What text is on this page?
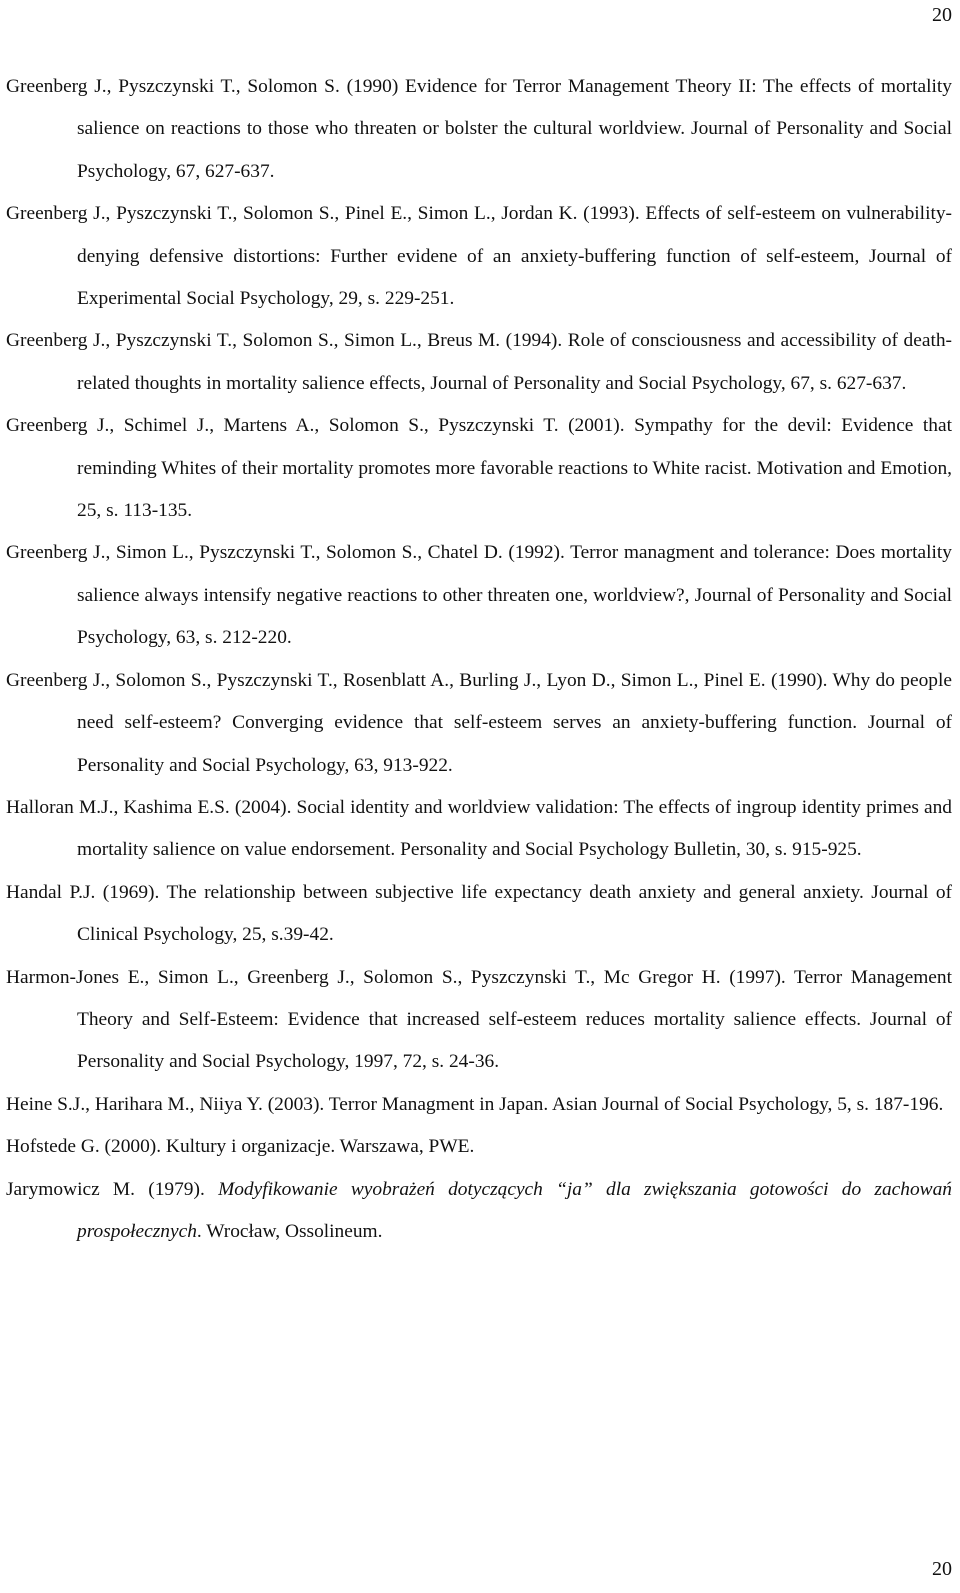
20
Greenberg J., Pyszczynski T., Solomon S. (1990) Evidence for Terror Management Theory II: The effects of mortality salience on reactions to those who threaten or bolster the cultural worldview. Journal of Personality and Social Psychology, 67, 627-637.
Greenberg J., Pyszczynski T., Solomon S., Pinel E., Simon L., Jordan K. (1993). Effects of self-esteem on vulnerability-denying defensive distortions: Further evidene of an anxiety-buffering function of self-esteem, Journal of Experimental Social Psychology, 29, s. 229-251.
Greenberg J., Pyszczynski T., Solomon S., Simon L., Breus M. (1994). Role of consciousness and accessibility of death-related thoughts in mortality salience effects, Journal of Personality and Social Psychology, 67, s. 627-637.
Greenberg J., Schimel J., Martens A., Solomon S., Pyszczynski T. (2001). Sympathy for the devil: Evidence that reminding Whites of their mortality promotes more favorable reactions to White racist. Motivation and Emotion, 25, s. 113-135.
Greenberg J., Simon L., Pyszczynski T., Solomon S., Chatel D. (1992). Terror managment and tolerance: Does mortality salience always intensify negative reactions to other threaten one, worldview?, Journal of Personality and Social Psychology, 63, s. 212-220.
Greenberg J., Solomon S., Pyszczynski T., Rosenblatt A., Burling J., Lyon D., Simon L., Pinel E. (1990). Why do people need self-esteem? Converging evidence that self-esteem serves an anxiety-buffering function. Journal of Personality and Social Psychology, 63, 913-922.
Halloran M.J., Kashima E.S. (2004). Social identity and worldview validation: The effects of ingroup identity primes and mortality salience on value endorsement. Personality and Social Psychology Bulletin, 30, s. 915-925.
Handal P.J. (1969). The relationship between subjective life expectancy death anxiety and general anxiety. Journal of Clinical Psychology, 25, s.39-42.
Harmon-Jones E., Simon L., Greenberg J., Solomon S., Pyszczynski T., Mc Gregor H. (1997). Terror Management Theory and Self-Esteem: Evidence that increased self-esteem reduces mortality salience effects. Journal of Personality and Social Psychology, 1997, 72, s. 24-36.
Heine S.J., Harihara M., Niiya Y. (2003). Terror Managment in Japan. Asian Journal of Social Psychology, 5, s. 187-196.
Hofstede G. (2000). Kultury i organizacje. Warszawa, PWE.
Jarymowicz M. (1979). Modyfikowanie wyobrażeń dotyczących “ja” dla zwiększania gotowości do zachowań prospołecznych. Wrocław, Ossolineum.
20
